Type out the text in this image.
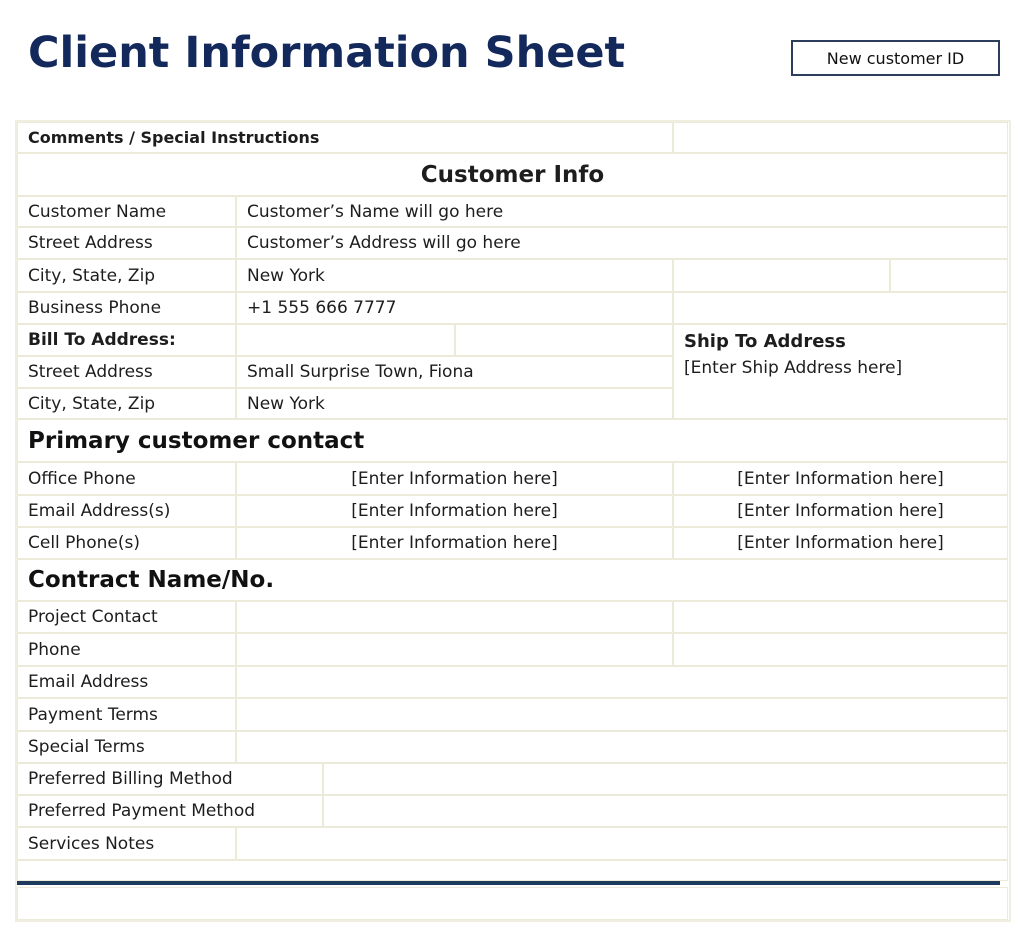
Client Information Sheet	New customer ID
Comments / Special Instructions
Customer Info
Customer Name	Customer’s Name will go here
Street Address	Customer’s Address will go here
City, State, Zip	New York
Business Phone	+1 555 666 7777
Bill To Address:	Ship To Address
[Enter Ship Address here]
Street Address	Small Surprise Town, Fiona
City, State, Zip	New York
Primary customer contact
Office Phone	[Enter Information here]	[Enter Information here]
Email Address(s)	[Enter Information here]	[Enter Information here]
Cell Phone(s)	[Enter Information here]	[Enter Information here]
Contract Name/No.
Project Contact
Phone
Email Address
Payment Terms
Special Terms
Preferred Billing Method
Preferred Payment Method
Services Notes
